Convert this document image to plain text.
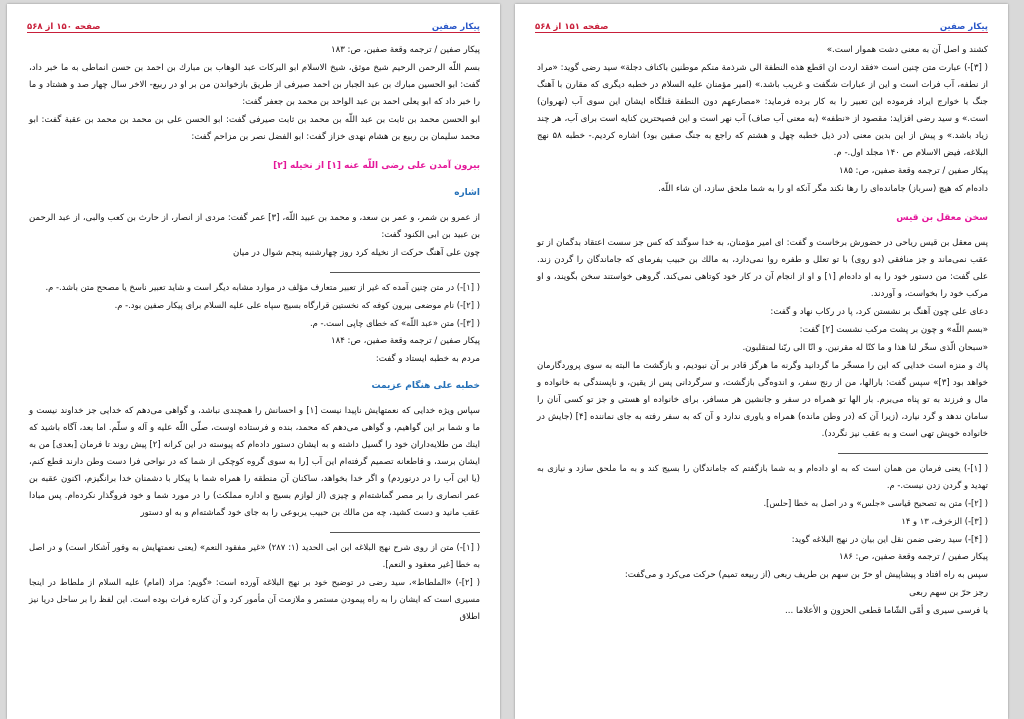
پیکار صفین
صفحه ۱۵۰ از ۵۶۸

پیکار صفین / ترجمه وقعة صفین، ص: ۱۸۳

بسم اللّه الرحمن الرحيم شيخ موثق، شيخ الاسلام ابو البركات عبد الوهاب بن مبارك بن احمد بن حسن انماطى به ما خبر داد، گفت: ابو الحسين مبارك بن عبد الجبار بن احمد صيرفى از طريق بازخواندن من بر او در ربيع- الاخر سال چهار صد و هشتاد و ما را خبر داد كه ابو يعلى احمد بن عبد الواحد بن محمد بن جعفر گفت:

ابو الحسن محمد بن ثابت بن عبد اللّه بن محمد بن ثابت صيرفى گفت: ابو الحسن على بن محمد بن محمد بن عقبة گفت: ابو محمد سليمان بن ربيع بن هشام نهدى خزاز گفت: ابو الفضل نصر بن مزاحم گفت:

بيرون آمدن على رضى اللّه عنه [۱] از نخيله [۲]
اشاره

از عمرو بن شمر، و عمر بن سعد، و محمد بن عبيد اللّه، [۳] عمر گفت: مردى از انصار، از حارث بن كعب والبى، از عبد الرحمن بن عبيد بن ابى الكنود گفت:

چون على آهنگ حركت از نخيله كرد روز چهارشنبه پنجم شوال در ميان

( [۱]-) در متن چنين آمده كه غير از تعبير متعارف مؤلف در موارد مشابه ديگر است و شايد تعبير ناسخ يا مصحح متن باشد.- م.

( [۲]-) نام موضعى بيرون كوفه كه نخستين قرارگاه بسيج سپاه على عليه السلام براى پيكار صفين بود.- م.

( [۳]-) متن «عبد اللّه» كه خطاى چاپى است.- م.

پیکار صفین / ترجمه وقعة صفین، ص: ۱۸۴

مردم به خطبه ايستاد و گفت:

خطبه على هنگام عزيمت

سپاس ويژه خدايى كه نعمتهايش ناپيدا نيست [۱] و احسانش را همچندى نباشد، و گواهى مى‌دهم كه خدايى جز خداوند نيست و ما و شما بر اين گواهيم، و گواهى مى‌دهم كه محمد، بنده و فرستاده اوست، صلّى اللّه عليه و آله و سلّم. اما بعد، آگاه باشيد كه اينك من طلايه‌داران خود را گسيل داشته و به ايشان دستور داده‌ام كه پيوسته در اين كرانه [۲] پيش روند تا فرمان [بعدى] من به ايشان برسد، و قاطعانه تصميم گرفته‌ام اين آب [را به سوى گروه كوچكى از شما كه در نواحى فرا دست وطن دارند قطع كنم، (يا اين آب را در درنوردم) و اگر خدا بخواهد، ساكنان آن منطقه را همراه شما با پيكار با دشمنان خدا برانگيزم، اكنون عقبه بن عمر انصارى را بر مصر گماشته‌ام و چيزى (از لوازم بسيج و اداره مملكت) را در مورد شما و خود فروگذار نكرده‌ام. پس مبادا عقب مانيد و دست كشيد، چه من مالك بن حبيب يربوعى را به جاى خود گماشته‌ام و به او دستور

( [۱]-) متن از روى شرح نهج البلاغه ابن ابى الحديد (۱: ۲۸۷) «غير مفقود النعم» (يعنى نعمتهايش به وفور آشكار است) و در اصل به خطا [غير معقود و النعم].

( [۲]-) «الملطاط»، سيد رضى در توضيح خود بر نهج البلاغه آورده است: «گويم: مراد (امام) عليه السلام از ملطاط در اينجا مسيرى است كه ايشان را به راه پيمودن مستمر و ملازمت آن مأمور كرد و آن كناره فرات بوده است. اين لفظ را بر ساحل دريا نيز اطلاق

پیکار صفین
صفحه ۱۵۱ از ۵۶۸

كشند و اصل آن به معنى دشت هموار است.»

( [۳]-) عبارت متن چنين است «فقد اردت ان اقطع هذه النطفة الى شرذمة منكم موطنين باكناف دجلة» سيد رضى گويد: «مراد از نطفه، آب فرات است و اين از عبارات شگفت و غريب باشد.» (امير مؤمنان عليه السلام در خطبه ديگرى كه مقارن با آهنگ جنگ با خوارج ايراد فرموده اين تعبير را به كار برده فرمايد: «مصارعهم دون النطفة قتلگاه ايشان اين سوى آب (نهروان) است.» و سيد رضى افزايد: مقصود از «نطفه» (به معنى آب صاف) آب نهر است و اين فصيحترين كنايه است براى آب، هر چند زياد باشد.» و پيش از اين بدين معنى (در ذيل خطبه چهل و هشتم كه راجع به جنگ صفين بود) اشاره كرديم.- خطبه ۵۸ نهج البلاغه، فيض الاسلام ص ۱۴۰ مجلد اول.- م.

پیکار صفین / ترجمه وقعة صفین، ص: ۱۸۵

داده‌ام كه هيچ (سرباز) جامانده‌اى را رها نكند مگر آنكه او را به شما ملحق سازد، ان شاء اللّه.

سخن معقل بن قيس

پس معقل بن قيس رياحى در حضورش برخاست و گفت: اى امير مؤمنان، به خدا سوگند كه كس جز سست اعتقاد بدگمان از تو عقب نمى‌ماند و جز منافقى (دو روى) با تو تعلل و طفره روا نمى‌دارد، به مالك بن حبيب بفرماى كه جاماندگان را گردن زند. على گفت: من دستور خود را به او داده‌ام [۱] و او از انجام آن در كار خود كوتاهى نمى‌كند. گروهى خواستند سخن بگويند، و او مركب خود را بخواست، و آوردند.

دعاى على چون آهنگ بر نشستن كرد، پا در ركاب نهاد و گفت:

«بسم اللّه» و چون بر پشت مركب نشست [۲] گفت:

«سبحان الّذى سخّر لنا هذا و ما كنّا له مقرنين. و انّا الى ربّنا لمنقلبون.

پاك و منزه است خدايى كه اين را مسخّر ما گردانيد وگرنه ما هرگز قادر بر آن نبوديم، و بازگشت ما البته به سوى پروردگارمان خواهد بود [۳]» سپس گفت: بارالها، من از رنج سفر، و اندوه‌گى بازگشت، و سرگردانى پس از يقين، و ناپسندگى به خانواده و مال و فرزند به تو پناه مى‌برم. بار الها تو همراه در سفر و جانشين هر مسافر، براى خانواده او هستى و جز تو كسى آنان را سامان ندهد و گرد نيارد، (زيرا آن كه (در وطن مانده) همراه و ياورى ندارد و آن كه به سفر رفته به جاى نماننده [۴] (جايش در خانواده خويش تهى است و به عقب نيز نگردد).

( [۱]-) يعنى فرمان من همان است كه به او داده‌ام و به شما بازگفتم كه جاماندگان را بسيج كند و به ما ملحق سازد و نيازى به تهديد و گردن زدن نيست.- م.

( [۲]-) متن به تصحيح قياسى «جلس» و در اصل به خطا [حلس].

( [۳]-) الزخرف، ۱۳ و ۱۴

( [۴]-) سيد رضى ضمن نقل اين بيان در نهج البلاغه گويد:

پیکار صفین / ترجمه وقعة صفین، ص: ۱۸۶

سپس به راه افتاد و پيشاپيش او حرّ بن سهم بن طريف ربعى (از ربيعه تميم) حركت مى‌كرد و مى‌گفت:

رجز حرّ بن سهم ربعى

يا فرسى سيرى و أمّى الشّاما قطعى الحزون و الأعلاما ...
